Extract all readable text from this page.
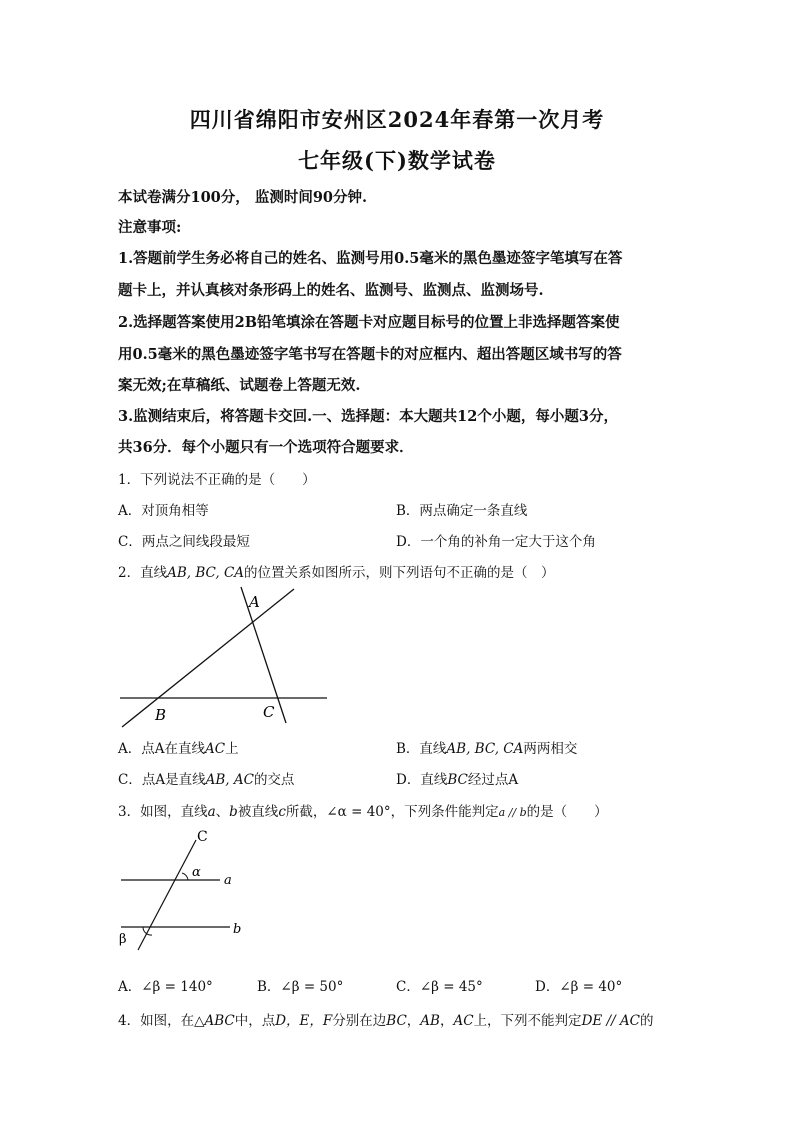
四川省绵阳市安州区2024年春第一次月考
七年级(下)数学试卷
本试卷满分100分， 监测时间90分钟.
注意事项:
1.答题前学生务必将自己的姓名、监测号用0.5毫米的黑色墨迹签字笔填写在答
题卡上，并认真核对条形码上的姓名、监测号、监测点、监测场号.
2.选择题答案使用2B铅笔填涂在答题卡对应题目标号的位置上非选择题答案使
用0.5毫米的黑色墨迹签字笔书写在答题卡的对应框内、超出答题区域书写的答
案无效;在草稿纸、试题卷上答题无效.
3.监测结束后，将答题卡交回.一、选择题：本大题共12个小题，每小题3分，
共36分．每个小题只有一个选项符合题要求．
1．下列说法不正确的是（　　）
A．对顶角相等	B．两点确定一条直线
C．两点之间线段最短	D．一个角的补角一定大于这个角
2．直线AB, BC, CA的位置关系如图所示，则下列语句不正确的是（　）
A
B	C
A．点A在直线AC上	B．直线AB, BC, CA两两相交
C．点A是直线AB, AC的交点	D．直线BC经过点A
3．如图，直线a、b被直线c所截，∠α = 40°，下列条件能判定a // b的是（　　）
C
α
a
b
β
A．∠β = 140°	B．∠β = 50°	C．∠β = 45°	D．∠β = 40°
4．如图，在△ABC中，点D，E，F分别在边BC，AB，AC上，下列不能判定DE // AC的
